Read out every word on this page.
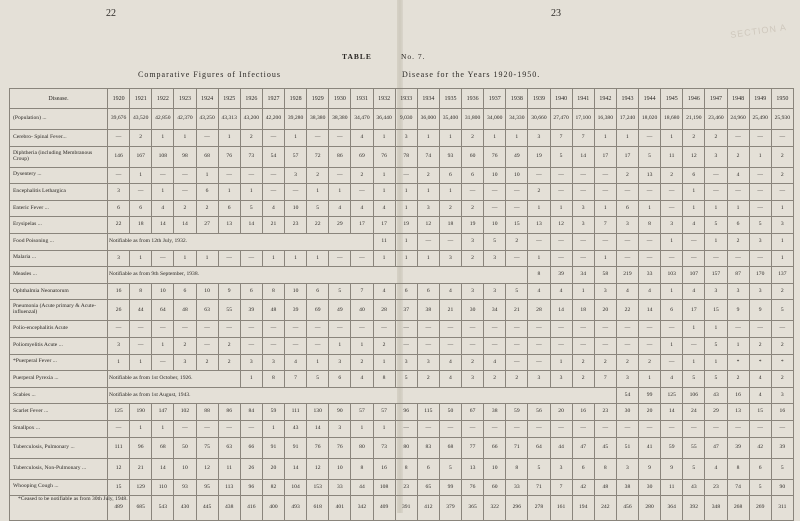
SECTION A
22	23
TABLE	No. 7.
Comparative Figures of Infectious	Disease for the Years 1920-1950.
Disease.	1920	1921	1922	1923	1924	1925	1926	1927	1928	1929	1930	1931	1932	1933	1934	1935	1936	1937	1938	1939	1940	1941	1942	1943	1944	1945	1946	1947	1948	1949	1950
(Population) ...	39,676	43,520	42,850	42,370	43,250	43,313	43,200	42,200	39,280	38,380	38,380	34,470	36,440	9,030	36,000	35,400	31,800	34,000	34,330	30,660	27,470	17,100	16,380	17,240	18,020	18,680	21,190	23,460	24,960	25,490	25,930
Cerebro- Spinal Fever...	—	2	1	1	—	1	2	—	1	—	—	4	1	3	1	1	2	1	1	3	7	7	1	1	—	1	2	2	—	—	—
Diphtheria (including Membranous Croup)	146	167	108	98	68	76	73	54	57	72	86	69	76	78	74	93	60	76	49	19	5	14	17	17	5	11	12	3	2	1	2
Dysentery ...	—	1	—	—	1	—	—	—	3	2	—	2	1	—	2	6	6	10	10	—	—	—	—	2	13	2	6	—	4	—	2
Encephalitis Lethargica	3	—	1	—	6	1	1	—	—	1	1	—	1	1	1	1	—	—	—	2	—	—	—	—	—	—	1	—	—	—	—
Enteric Fever ...	6	6	4	2	2	6	5	4	10	5	4	4	4	1	3	2	2	—	—	1	1	3	1	6	1	—	1	1	1	—	1
Erysipelas ...	22	18	14	14	27	13	14	21	23	22	29	17	17	19	12	18	19	10	15	13	12	3	7	3	8	3	4	5	6	5	3
Food Poisoning ...	Notifiable as from 12th July, 1932.												11	1	—	—	3	5	2	—	—	—	—	—	—	1	—	1	2	3	1
Malaria ...	3	1	—	1	1	—	—	1	1	1	—	—	1	1	1	3	2	3	—	1	—	—	1	—	—	—	—	—	—	—	1
Measles ...	Notifiable as from 9th September, 1938.																			8	39	34	58	219	33	103	107	157	87	170	137
Ophthalmia Neonatorum	16	8	10	6	10	9	6	8	10	6	5	7	4	6	6	4	3	3	5	4	4	1	3	4	4	1	4	3	3	3	2
Pneumonia (Acute primary & Acute-influenzal)	26	44	64	48	63	55	39	48	39	69	49	40	28	37	38	21	30	34	21	28	14	18	20	22	14	6	17	15	9	9	5
Polio-encephalitis Acute	—	—	—	—	—	—	—	—	—	—	—	—	—	—	—	—	—	—	—	—	—	—	—	—	—	—	1	1	—	—	—
Poliomyelitis Acute ...	3	—	1	2	—	2	—	—	—	—	1	1	2	—	—	—	—	—	—	—	—	—	—	—	—	1	—	5	1	2	2
*Puerperal Fever ...	1	1	—	3	2	2	3	3	4	1	3	2	1	3	3	4	2	4	—	—	1	2	2	2	2	—	1	1	*	*	*
Puerperal Pyrexia ...	Notifiable as from 1st October, 1926.						1	8	7	5	6	4	8	5	2	4	3	2	2	3	3	2	7	3	1	4	5	5	2	4	2
Scabies ...	Notifiable as from 1st August, 1943.																							54	99	125	106	43	16	4	3
Scarlet Fever ...	125	190	147	102	88	86	84	59	111	130	90	57	57	96	115	50	67	38	59	56	20	16	23	30	20	14	24	29	13	15	16
Smallpox ...	—	1	1	—	—	—	—	1	43	14	3	1	1	—	—	—	—	—	—	—	—	—	—	—	—	—	—	—	—	—	—
Tuberculosis, Pulmonary ...	111	96	68	50	75	63	66	91	91	76	76	80	73	80	83	68	77	66	71	64	44	47	45	51	41	59	55	47	39	42	39
Tuberculosis, Non-Pulmonary ...	12	21	14	10	12	11	26	20	14	12	10	8	16	8	6	5	13	10	8	5	3	6	8	3	9	9	5	4	8	6	5
Whooping Cough ...	15	129	110	93	95	113	96	82	104	153	33	44	108	23	65	99	76	60	33	71	7	42	48	38	30	11	43	23	74	5	90
	489	685	543	430	445	438	416	400	493	618	401	342	409	391	412	379	365	322	296	278	161	194	242	456	280	364	392	348	268	269	311
*Ceased to be notifiable as from 30th July, 1948.
